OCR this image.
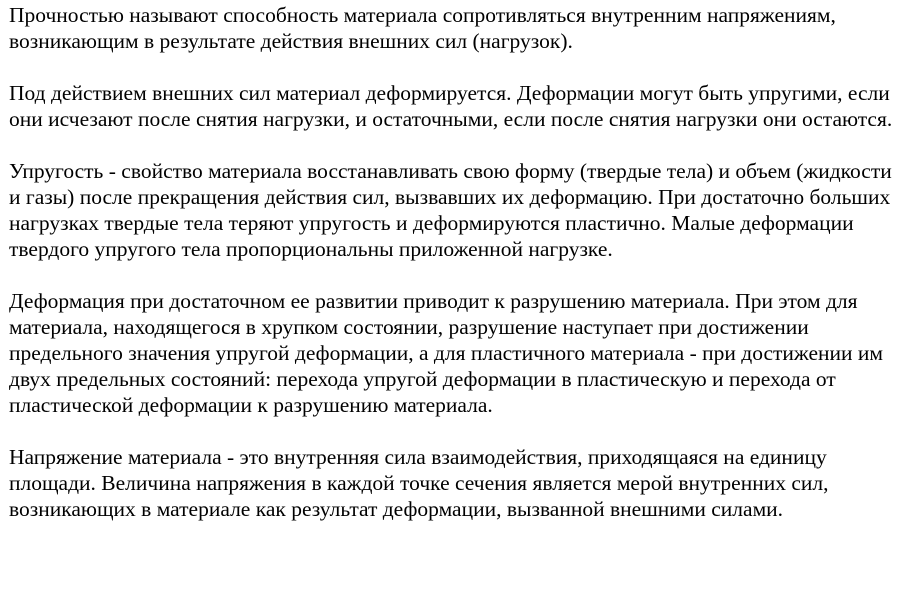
Прочностью называют способность материала сопротивляться внутренним напряжениям, возникающим в результате действия внешних сил (нагрузок).

Под действием внешних сил материал деформируется. Деформации могут быть упругими, если они исчезают после снятия нагрузки, и остаточными, если после снятия нагрузки они остаются.

Упругость - свойство материала восстанавливать свою форму (твердые тела) и объем (жидкости и газы) после прекращения действия сил, вызвавших их деформацию. При достаточно больших нагрузках твердые тела теряют упругость и деформируются пластично. Малые деформации твердого упругого тела пропорциональны приложенной нагрузке.

Деформация при достаточном ее развитии приводит к разрушению материала. При этом для материала, находящегося в хрупком состоянии, разрушение наступает при достижении предельного значения упругой деформации, а для пластичного материала - при достижении им двух предельных состояний: перехода упругой деформации в пластическую и перехода от пластической деформации к разрушению материала.

Напряжение материала - это внутренняя сила взаимодействия, приходящаяся на единицу площади. Величина напряжения в каждой точке сечения является мерой внутренних сил, возникающих в материале как результат деформации, вызванной внешними силами.
